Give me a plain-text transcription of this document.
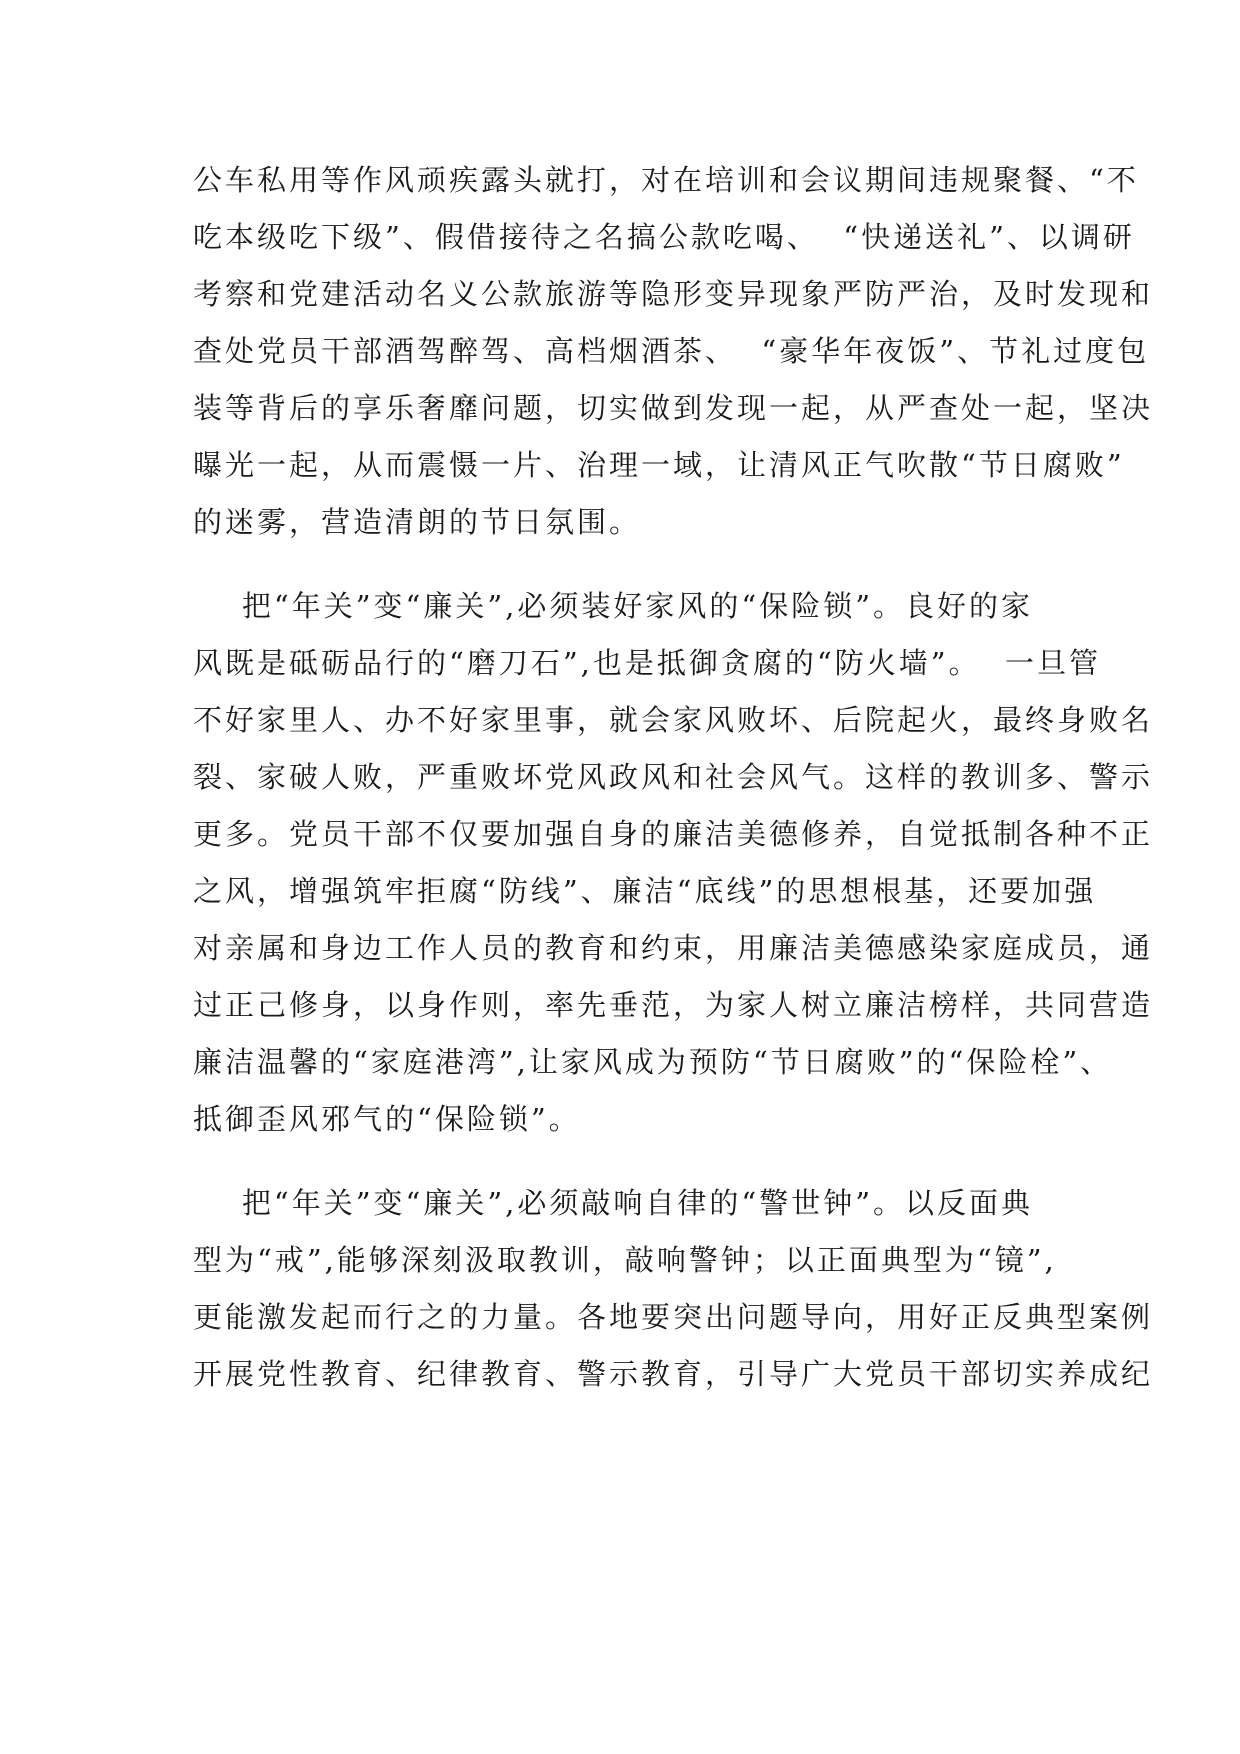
公车私用等作风顽疾露头就打，对在培训和会议期间违规聚餐、“不
吃本级吃下级”、假借接待之名搞公款吃喝、  “快递送礼”、以调研
考察和党建活动名义公款旅游等隐形变异现象严防严治，及时发现和
查处党员干部酒驾醉驾、高档烟酒茶、  “豪华年夜饭”、节礼过度包
装等背后的享乐奢靡问题，切实做到发现一起，从严查处一起，坚决
曝光一起，从而震慑一片、治理一域，让清风正气吹散“节日腐败”
的迷雾，营造清朗的节日氛围。
把“年关”变“廉关”,必须装好家风的“保险锁”。良好的家
风既是砥砺品行的“磨刀石”,也是抵御贪腐的“防火墙”。  一旦管
不好家里人、办不好家里事，就会家风败坏、后院起火，最终身败名
裂、家破人败，严重败坏党风政风和社会风气。这样的教训多、警示
更多。党员干部不仅要加强自身的廉洁美德修养，自觉抵制各种不正
之风，增强筑牢拒腐“防线”、廉洁“底线”的思想根基，还要加强
对亲属和身边工作人员的教育和约束，用廉洁美德感染家庭成员，通
过正己修身，以身作则，率先垂范，为家人树立廉洁榜样，共同营造
廉洁温馨的“家庭港湾”,让家风成为预防“节日腐败”的“保险栓”、
抵御歪风邪气的“保险锁”。
把“年关”变“廉关”,必须敲响自律的“警世钟”。以反面典
型为“戒”,能够深刻汲取教训，敲响警钟；以正面典型为“镜”,
更能激发起而行之的力量。各地要突出问题导向，用好正反典型案例
开展党性教育、纪律教育、警示教育，引导广大党员干部切实养成纪
